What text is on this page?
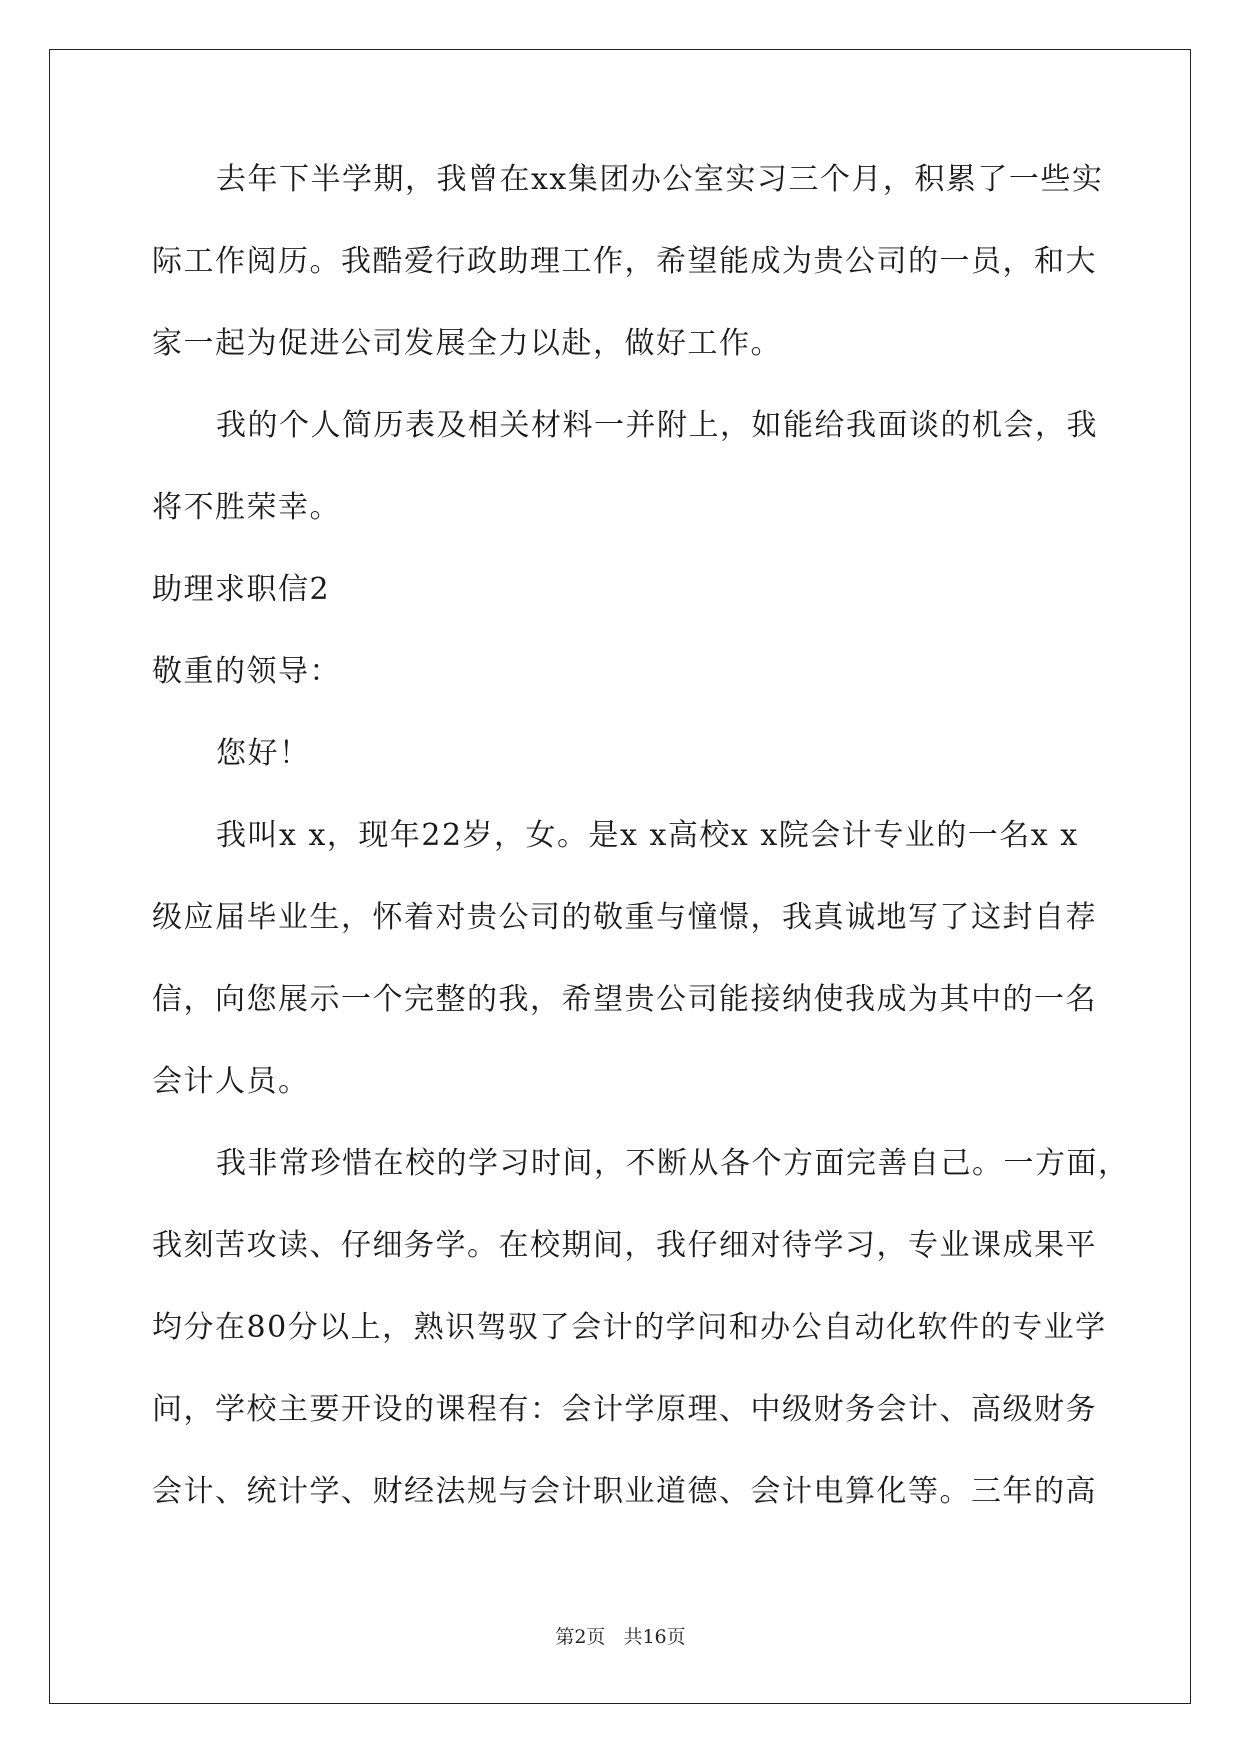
去年下半学期，我曾在xx集团办公室实习三个月，积累了一些实
际工作阅历。我酷爱行政助理工作，希望能成为贵公司的一员，和大
家一起为促进公司发展全力以赴，做好工作。
我的个人简历表及相关材料一并附上，如能给我面谈的机会，我
将不胜荣幸。
助理求职信2
敬重的领导：
您好！
我叫x x，现年22岁，女。是x x高校x x院会计专业的一名x x
级应届毕业生，怀着对贵公司的敬重与憧憬，我真诚地写了这封自荐
信，向您展示一个完整的我，希望贵公司能接纳使我成为其中的一名
会计人员。
我非常珍惜在校的学习时间，不断从各个方面完善自己。一方面，
我刻苦攻读、仔细务学。在校期间，我仔细对待学习，专业课成果平
均分在80分以上，熟识驾驭了会计的学问和办公自动化软件的专业学
问，学校主要开设的课程有：会计学原理、中级财务会计、高级财务
会计、统计学、财经法规与会计职业道德、会计电算化等。三年的高
第2页 共16页
